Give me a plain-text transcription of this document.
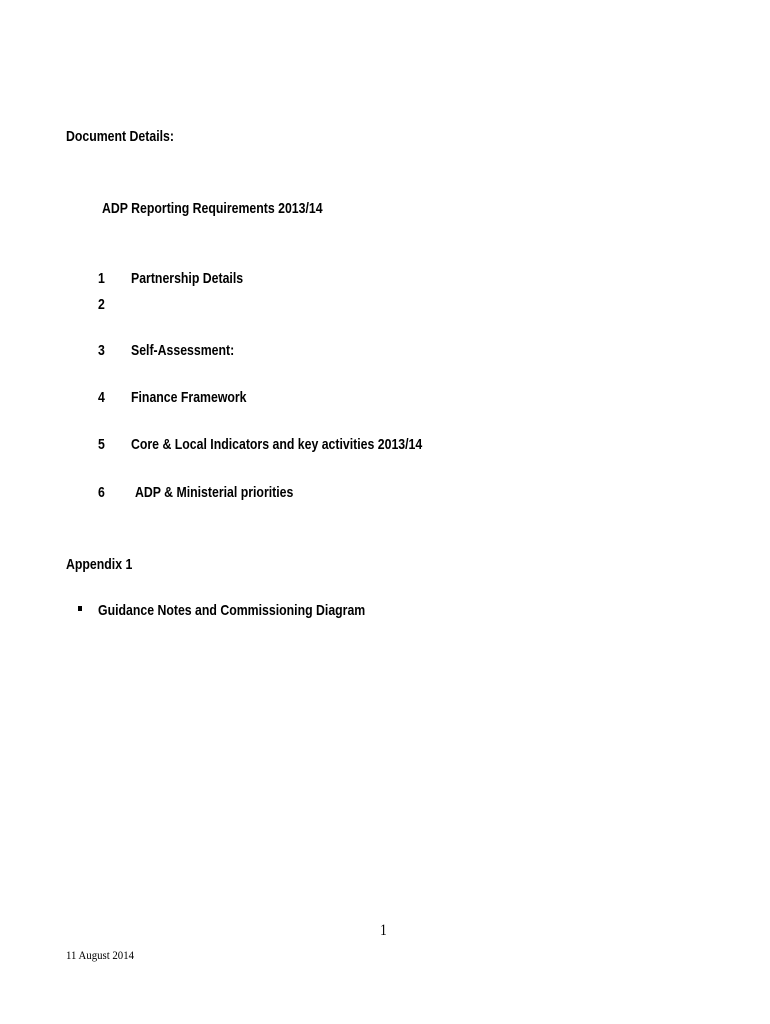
Document Details:
ADP Reporting Requirements 2013/14
1 Partnership Details
2
3 Self-Assessment:
4 Finance Framework
5 Core & Local Indicators and key activities 2013/14
6 ADP & Ministerial priorities
Appendix 1
Guidance Notes and Commissioning Diagram
1
11 August 2014
